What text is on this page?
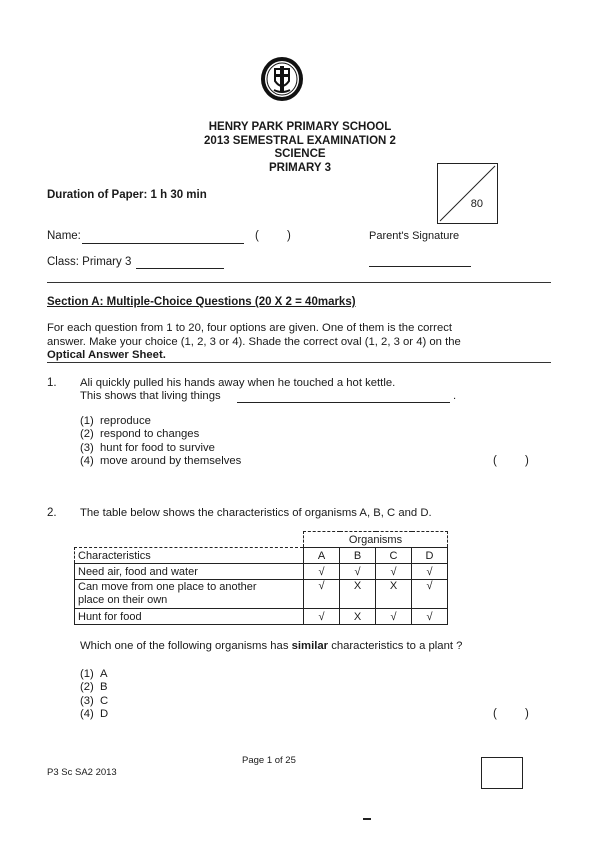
HENRY PARK PRIMARY SCHOOL
2013 SEMESTRAL EXAMINATION 2
SCIENCE
PRIMARY 3
Duration of Paper: 1 h 30 min
80
Name:	( )	Parent's Signature
Class: Primary 3
Section A: Multiple-Choice Questions (20 X 2 = 40marks)
For each question from 1 to 20, four options are given. One of them is the correct
answer. Make your choice (1, 2, 3 or 4). Shade the correct oval (1, 2, 3 or 4) on the
Optical Answer Sheet.
1. Ali quickly pulled his hands away when he touched a hot kettle.
This shows that living things	.
(1) reproduce
(2) respond to changes
(3) hunt for food to survive
(4) move around by themselves	( )
2. The table below shows the characteristics of organisms A, B, C and D.
	Organisms			
Characteristics	A	B	C	D
Need air, food and water	√	√	√	√

Can move from one place to another
place on their own	√	X	X	√
Hunt for food	√	X	√	√
Which one of the following organisms has similar characteristics to a plant ?
(1) A
(2) B
(3) C
(4) D	( )
Page 1 of 25
P3 Sc SA2 2013
